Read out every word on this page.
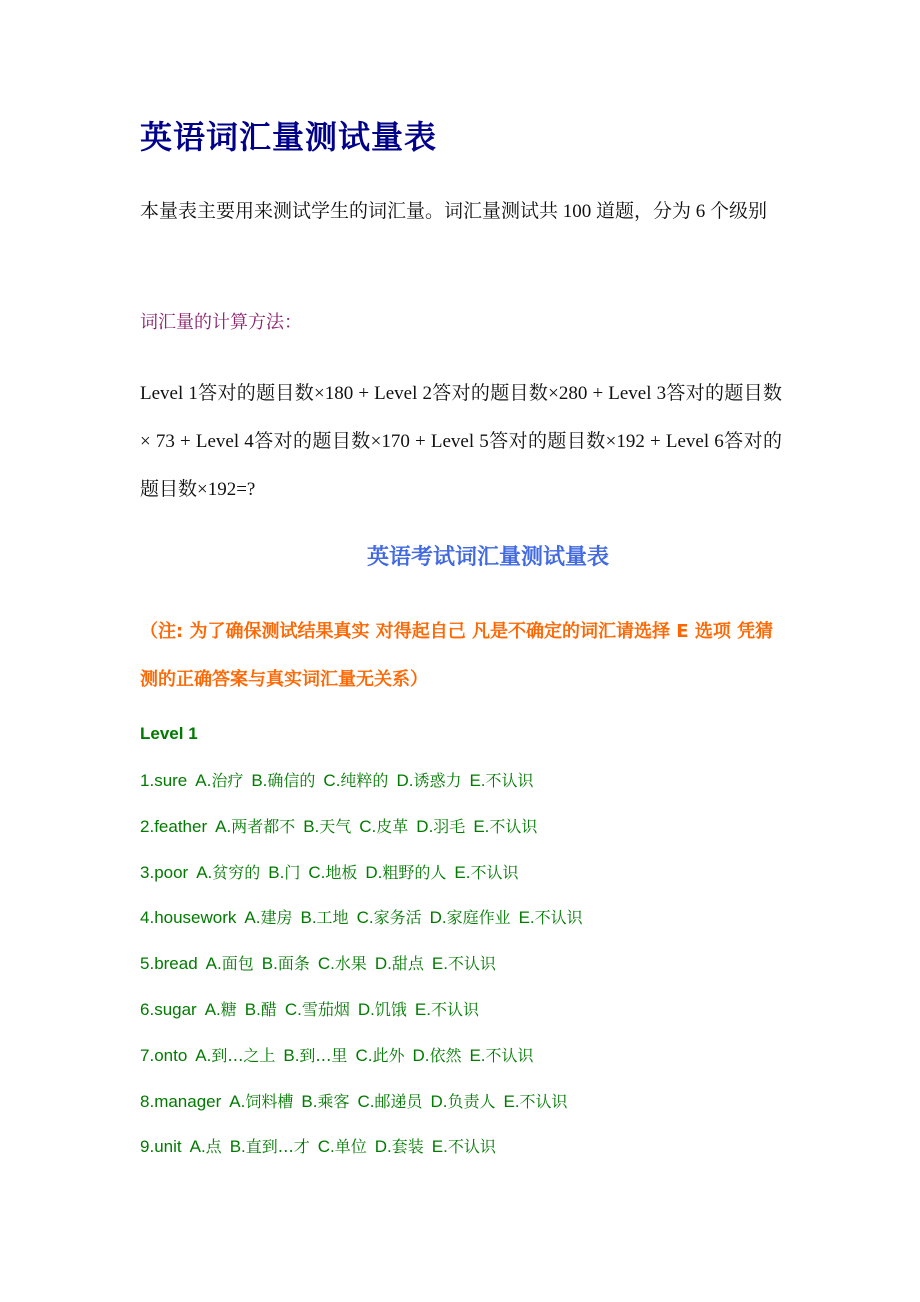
英语词汇量测试量表

本量表主要用来测试学生的词汇量。词汇量测试共 100 道题，分为 6 个级别

词汇量的计算方法：

Level 1答对的题目数×180 + Level 2答对的题目数×280 + Level 3答对的题目数× 73 + Level 4答对的题目数×170 + Level 5答对的题目数×192 + Level 6答对的题目数×192=?

英语考试词汇量测试量表

（注: 为了确保测试结果真实 对得起自己 凡是不确定的词汇请选择 E 选项 凭猜测的正确答案与真实词汇量无关系）

Level 1
1.sure A.治疗 B.确信的 C.纯粹的 D.诱惑力 E.不认识
2.feather A.两者都不 B.天气 C.皮革 D.羽毛 E.不认识
3.poor A.贫穷的 B.门 C.地板 D.粗野的人 E.不认识
4.housework A.建房 B.工地 C.家务活 D.家庭作业 E.不认识
5.bread A.面包 B.面条 C.水果 D.甜点 E.不认识
6.sugar A.糖 B.醋 C.雪茄烟 D.饥饿 E.不认识
7.onto A.到…之上 B.到…里 C.此外 D.依然 E.不认识
8.manager A.饲料槽 B.乘客 C.邮递员 D.负责人 E.不认识
9.unit A.点 B.直到…才 C.单位 D.套装 E.不认识
